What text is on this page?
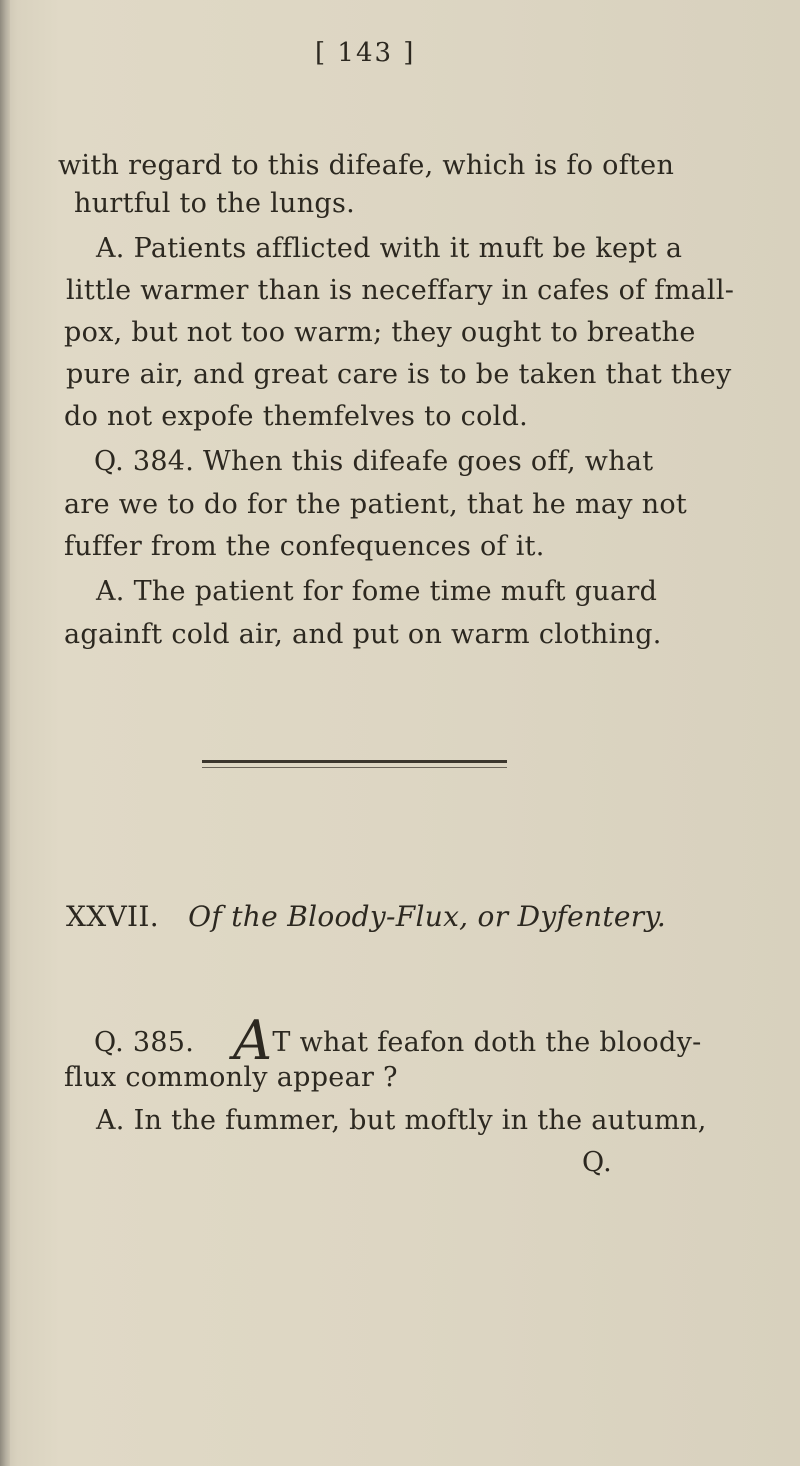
[ 143 ]
with regard to this difeafe, which is fo often
hurtful to the lungs.
A. Patients afflicted with it muft be kept a
little warmer than is neceffary in cafes of fmall-
pox, but not too warm; they ought to breathe
pure air, and great care is to be taken that they
do not expofe themfelves to cold.
Q. 384. When this difeafe goes off, what
are we to do for the patient, that he may not
fuffer from the confequences of it.
A. The patient for fome time muft guard
againft cold air, and put on warm clothing.
XXVII. Of the Bloody-Flux, or Dyfentery.
Q. 385. AT what feafon doth the bloody-
flux commonly appear ?
A. In the fummer, but moftly in the autumn,
Q.
